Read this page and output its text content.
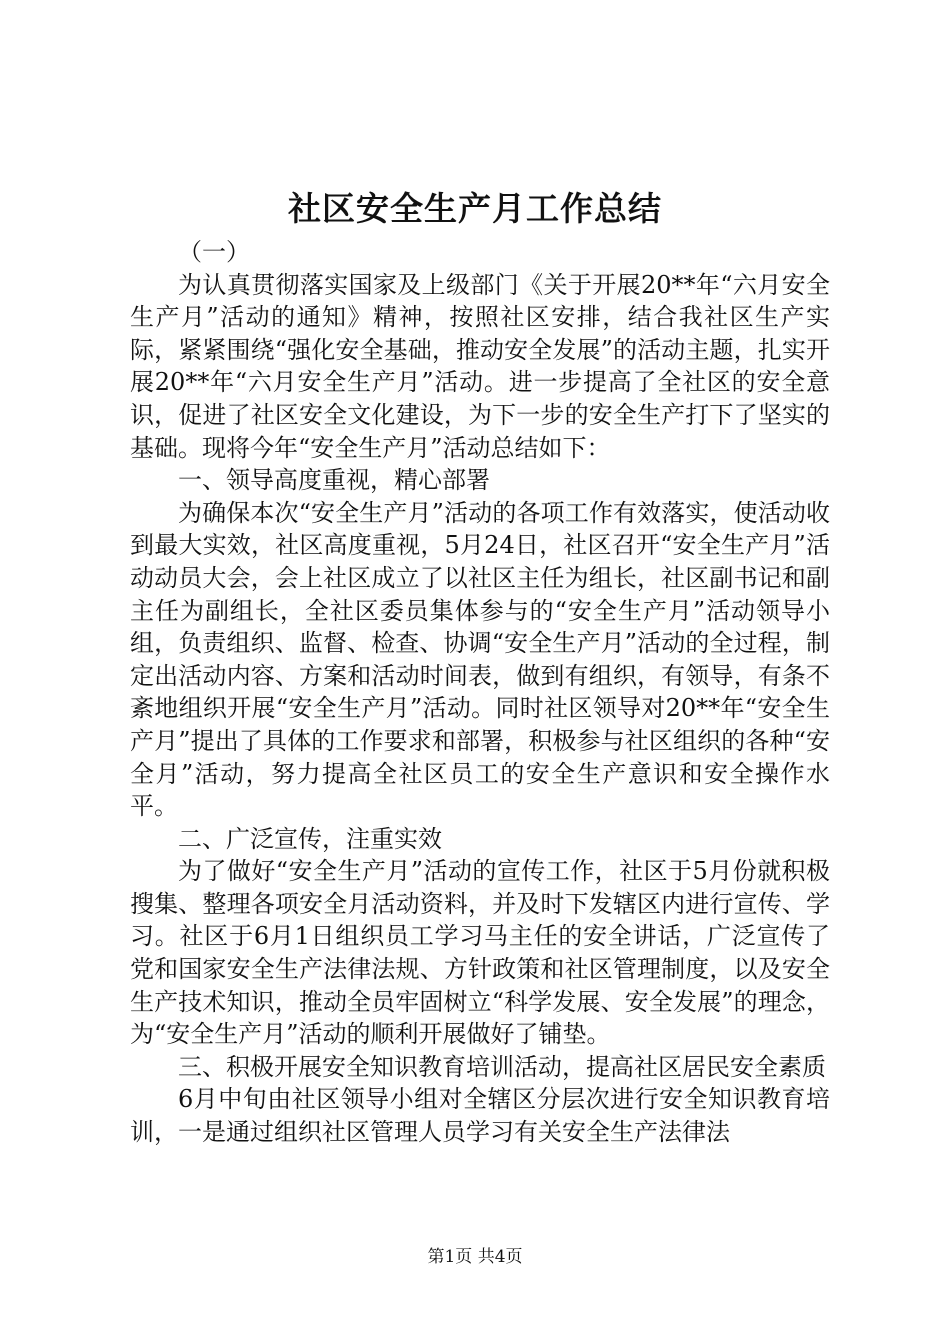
社区安全生产月工作总结

（一）

为认真贯彻落实国家及上级部门《关于开展20**年“六月安全生产月”活动的通知》精神，按照社区安排，结合我社区生产实际，紧紧围绕“强化安全基础，推动安全发展”的活动主题，扎实开展20**年“六月安全生产月”活动。进一步提高了全社区的安全意识，促进了社区安全文化建设，为下一步的安全生产打下了坚实的基础。现将今年“安全生产月”活动总结如下：

一、领导高度重视，精心部署

为确保本次“安全生产月”活动的各项工作有效落实，使活动收到最大实效，社区高度重视，5月24日，社区召开“安全生产月”活动动员大会，会上社区成立了以社区主任为组长，社区副书记和副主任为副组长，全社区委员集体参与的“安全生产月”活动领导小组，负责组织、监督、检查、协调“安全生产月”活动的全过程，制定出活动内容、方案和活动时间表，做到有组织，有领导，有条不紊地组织开展“安全生产月”活动。同时社区领导对20**年“安全生产月”提出了具体的工作要求和部署，积极参与社区组织的各种“安全月”活动，努力提高全社区员工的安全生产意识和安全操作水平。

二、广泛宣传，注重实效

为了做好“安全生产月”活动的宣传工作，社区于5月份就积极搜集、整理各项安全月活动资料，并及时下发辖区内进行宣传、学习。社区于6月1日组织员工学习马主任的安全讲话，广泛宣传了党和国家安全生产法律法规、方针政策和社区管理制度，以及安全生产技术知识，推动全员牢固树立“科学发展、安全发展”的理念，为“安全生产月”活动的顺利开展做好了铺垫。

三、积极开展安全知识教育培训活动，提高社区居民安全素质

6月中旬由社区领导小组对全辖区分层次进行安全知识教育培训，一是通过组织社区管理人员学习有关安全生产法律法

第1页 共4页
